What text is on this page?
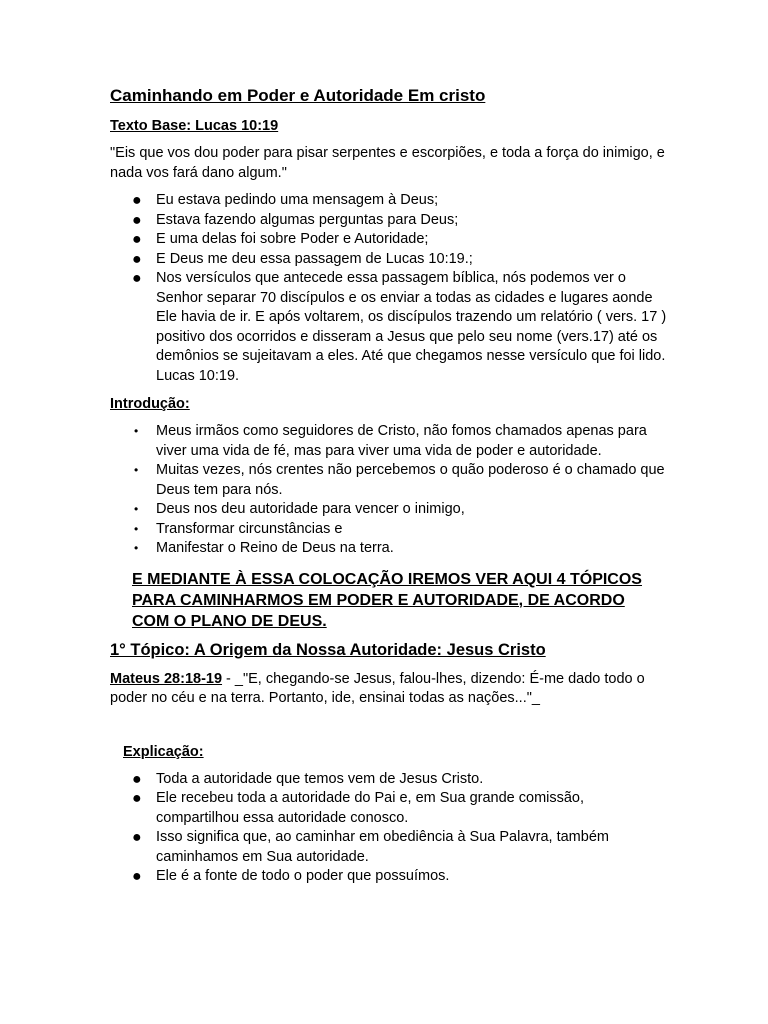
Caminhando em Poder e Autoridade Em cristo

Texto Base: Lucas 10:19

"Eis que vos dou poder para pisar serpentes e escorpiões, e toda a força do inimigo, e nada vos fará dano algum."

● Eu estava pedindo uma mensagem à Deus;
● Estava fazendo algumas perguntas para Deus;
● E uma delas foi sobre Poder e Autoridade;
● E Deus me deu essa passagem de Lucas 10:19.;
● Nos versículos que antecede essa passagem bíblica, nós podemos ver o Senhor separar 70 discípulos e os enviar a todas as cidades e lugares aonde Ele havia de ir. E após voltarem, os discípulos trazendo um relatório ( vers. 17 ) positivo dos ocorridos e disseram a Jesus que pelo seu nome (vers.17) até os demônios se sujeitavam a eles. Até que chegamos nesse versículo que foi lido. Lucas 10:19.

Introdução:

• Meus irmãos como seguidores de Cristo, não fomos chamados apenas para viver uma vida de fé, mas para viver uma vida de poder e autoridade.
• Muitas vezes, nós crentes não percebemos o quão poderoso é o chamado que Deus tem para nós.
• Deus nos deu autoridade para vencer o inimigo,
• Transformar circunstâncias e
• Manifestar o Reino de Deus na terra.

E MEDIANTE À ESSA COLOCAÇÃO IREMOS VER AQUI 4 TÓPICOS PARA CAMINHARMOS EM PODER E AUTORIDADE, DE ACORDO COM O PLANO DE DEUS.

1° Tópico: A Origem da Nossa Autoridade: Jesus Cristo

Mateus 28:18-19 - _"E, chegando-se Jesus, falou-lhes, dizendo: É-me dado todo o poder no céu e na terra. Portanto, ide, ensinai todas as nações..."_

Explicação:

● Toda a autoridade que temos vem de Jesus Cristo.
● Ele recebeu toda a autoridade do Pai e, em Sua grande comissão, compartilhou essa autoridade conosco.
● Isso significa que, ao caminhar em obediência à Sua Palavra, também caminhamos em Sua autoridade.
● Ele é a fonte de todo o poder que possuímos.
